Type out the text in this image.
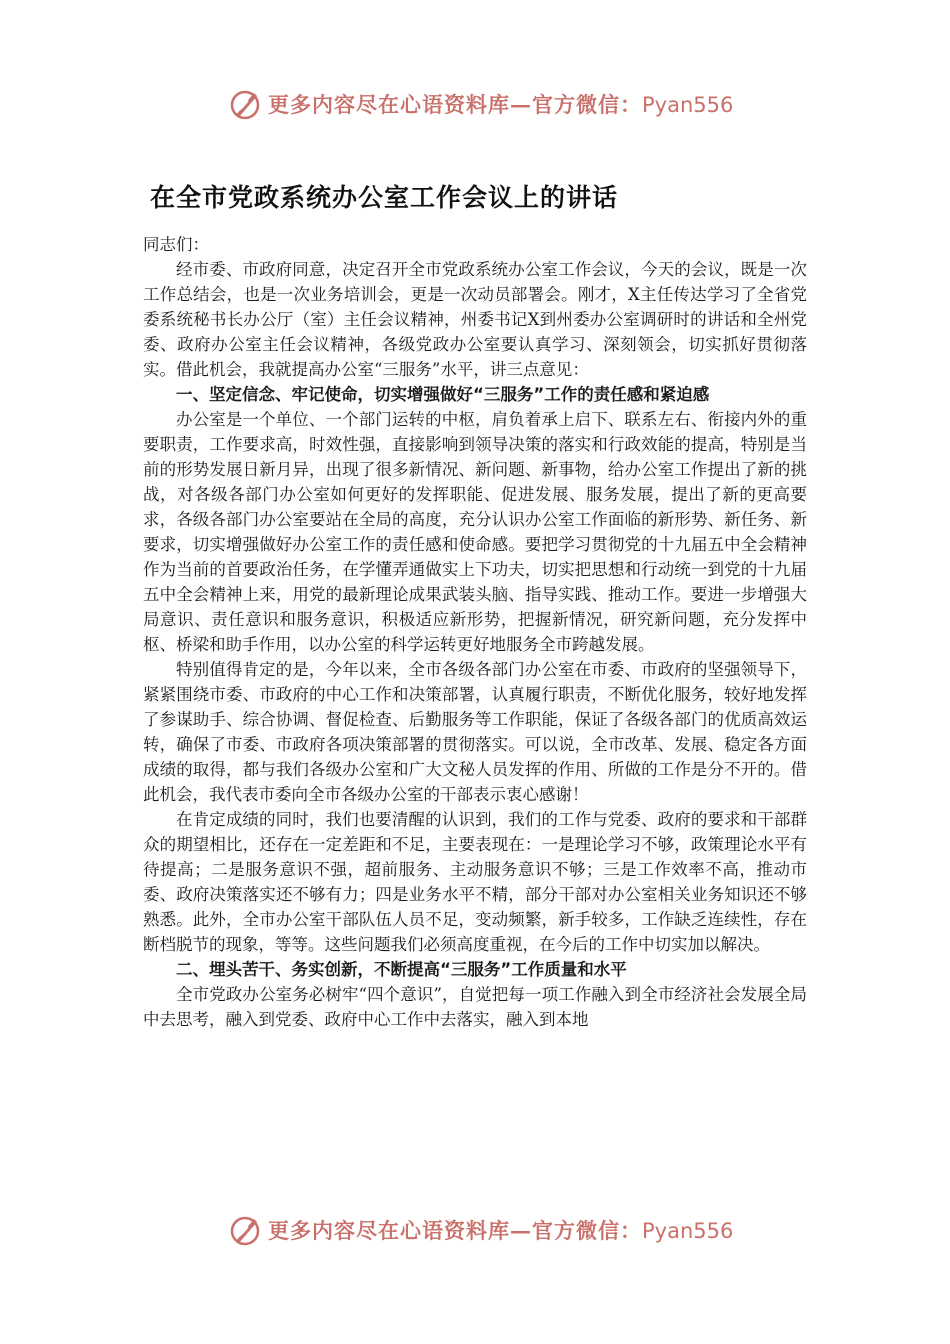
更多内容尽在心语资料库—官方微信：Pyan556
在全市党政系统办公室工作会议上的讲话

同志们：

经市委、市政府同意，决定召开全市党政系统办公室工作会议，今天的会议，既是一次工作总结会，也是一次业务培训会，更是一次动员部署会。刚才，X主任传达学习了全省党委系统秘书长办公厅（室）主任会议精神，州委书记X到州委办公室调研时的讲话和全州党委、政府办公室主任会议精神，各级党政办公室要认真学习、深刻领会，切实抓好贯彻落实。借此机会，我就提高办公室“三服务”水平，讲三点意见：

一、坚定信念、牢记使命，切实增强做好“三服务”工作的责任感和紧迫感

办公室是一个单位、一个部门运转的中枢，肩负着承上启下、联系左右、衔接内外的重要职责，工作要求高，时效性强，直接影响到领导决策的落实和行政效能的提高，特别是当前的形势发展日新月异，出现了很多新情况、新问题、新事物，给办公室工作提出了新的挑战，对各级各部门办公室如何更好的发挥职能、促进发展、服务发展，提出了新的更高要求，各级各部门办公室要站在全局的高度，充分认识办公室工作面临的新形势、新任务、新要求，切实增强做好办公室工作的责任感和使命感。要把学习贯彻党的十九届五中全会精神作为当前的首要政治任务，在学懂弄通做实上下功夫，切实把思想和行动统一到党的十九届五中全会精神上来，用党的最新理论成果武装头脑、指导实践、推动工作。要进一步增强大局意识、责任意识和服务意识，积极适应新形势，把握新情况，研究新问题，充分发挥中枢、桥梁和助手作用，以办公室的科学运转更好地服务全市跨越发展。

特别值得肯定的是，今年以来，全市各级各部门办公室在市委、市政府的坚强领导下，紧紧围绕市委、市政府的中心工作和决策部署，认真履行职责，不断优化服务，较好地发挥了参谋助手、综合协调、督促检查、后勤服务等工作职能，保证了各级各部门的优质高效运转，确保了市委、市政府各项决策部署的贯彻落实。可以说，全市改革、发展、稳定各方面成绩的取得，都与我们各级办公室和广大文秘人员发挥的作用、所做的工作是分不开的。借此机会，我代表市委向全市各级办公室的干部表示衷心感谢！

在肯定成绩的同时，我们也要清醒的认识到，我们的工作与党委、政府的要求和干部群众的期望相比，还存在一定差距和不足，主要表现在：一是理论学习不够，政策理论水平有待提高；二是服务意识不强，超前服务、主动服务意识不够；三是工作效率不高，推动市委、政府决策落实还不够有力；四是业务水平不精，部分干部对办公室相关业务知识还不够熟悉。此外，全市办公室干部队伍人员不足，变动频繁，新手较多，工作缺乏连续性，存在断档脱节的现象，等等。这些问题我们必须高度重视，在今后的工作中切实加以解决。

二、埋头苦干、务实创新，不断提高“三服务”工作质量和水平

全市党政办公室务必树牢“四个意识”，自觉把每一项工作融入到全市经济社会发展全局中去思考，融入到党委、政府中心工作中去落实，融入到本地

更多内容尽在心语资料库—官方微信：Pyan556
